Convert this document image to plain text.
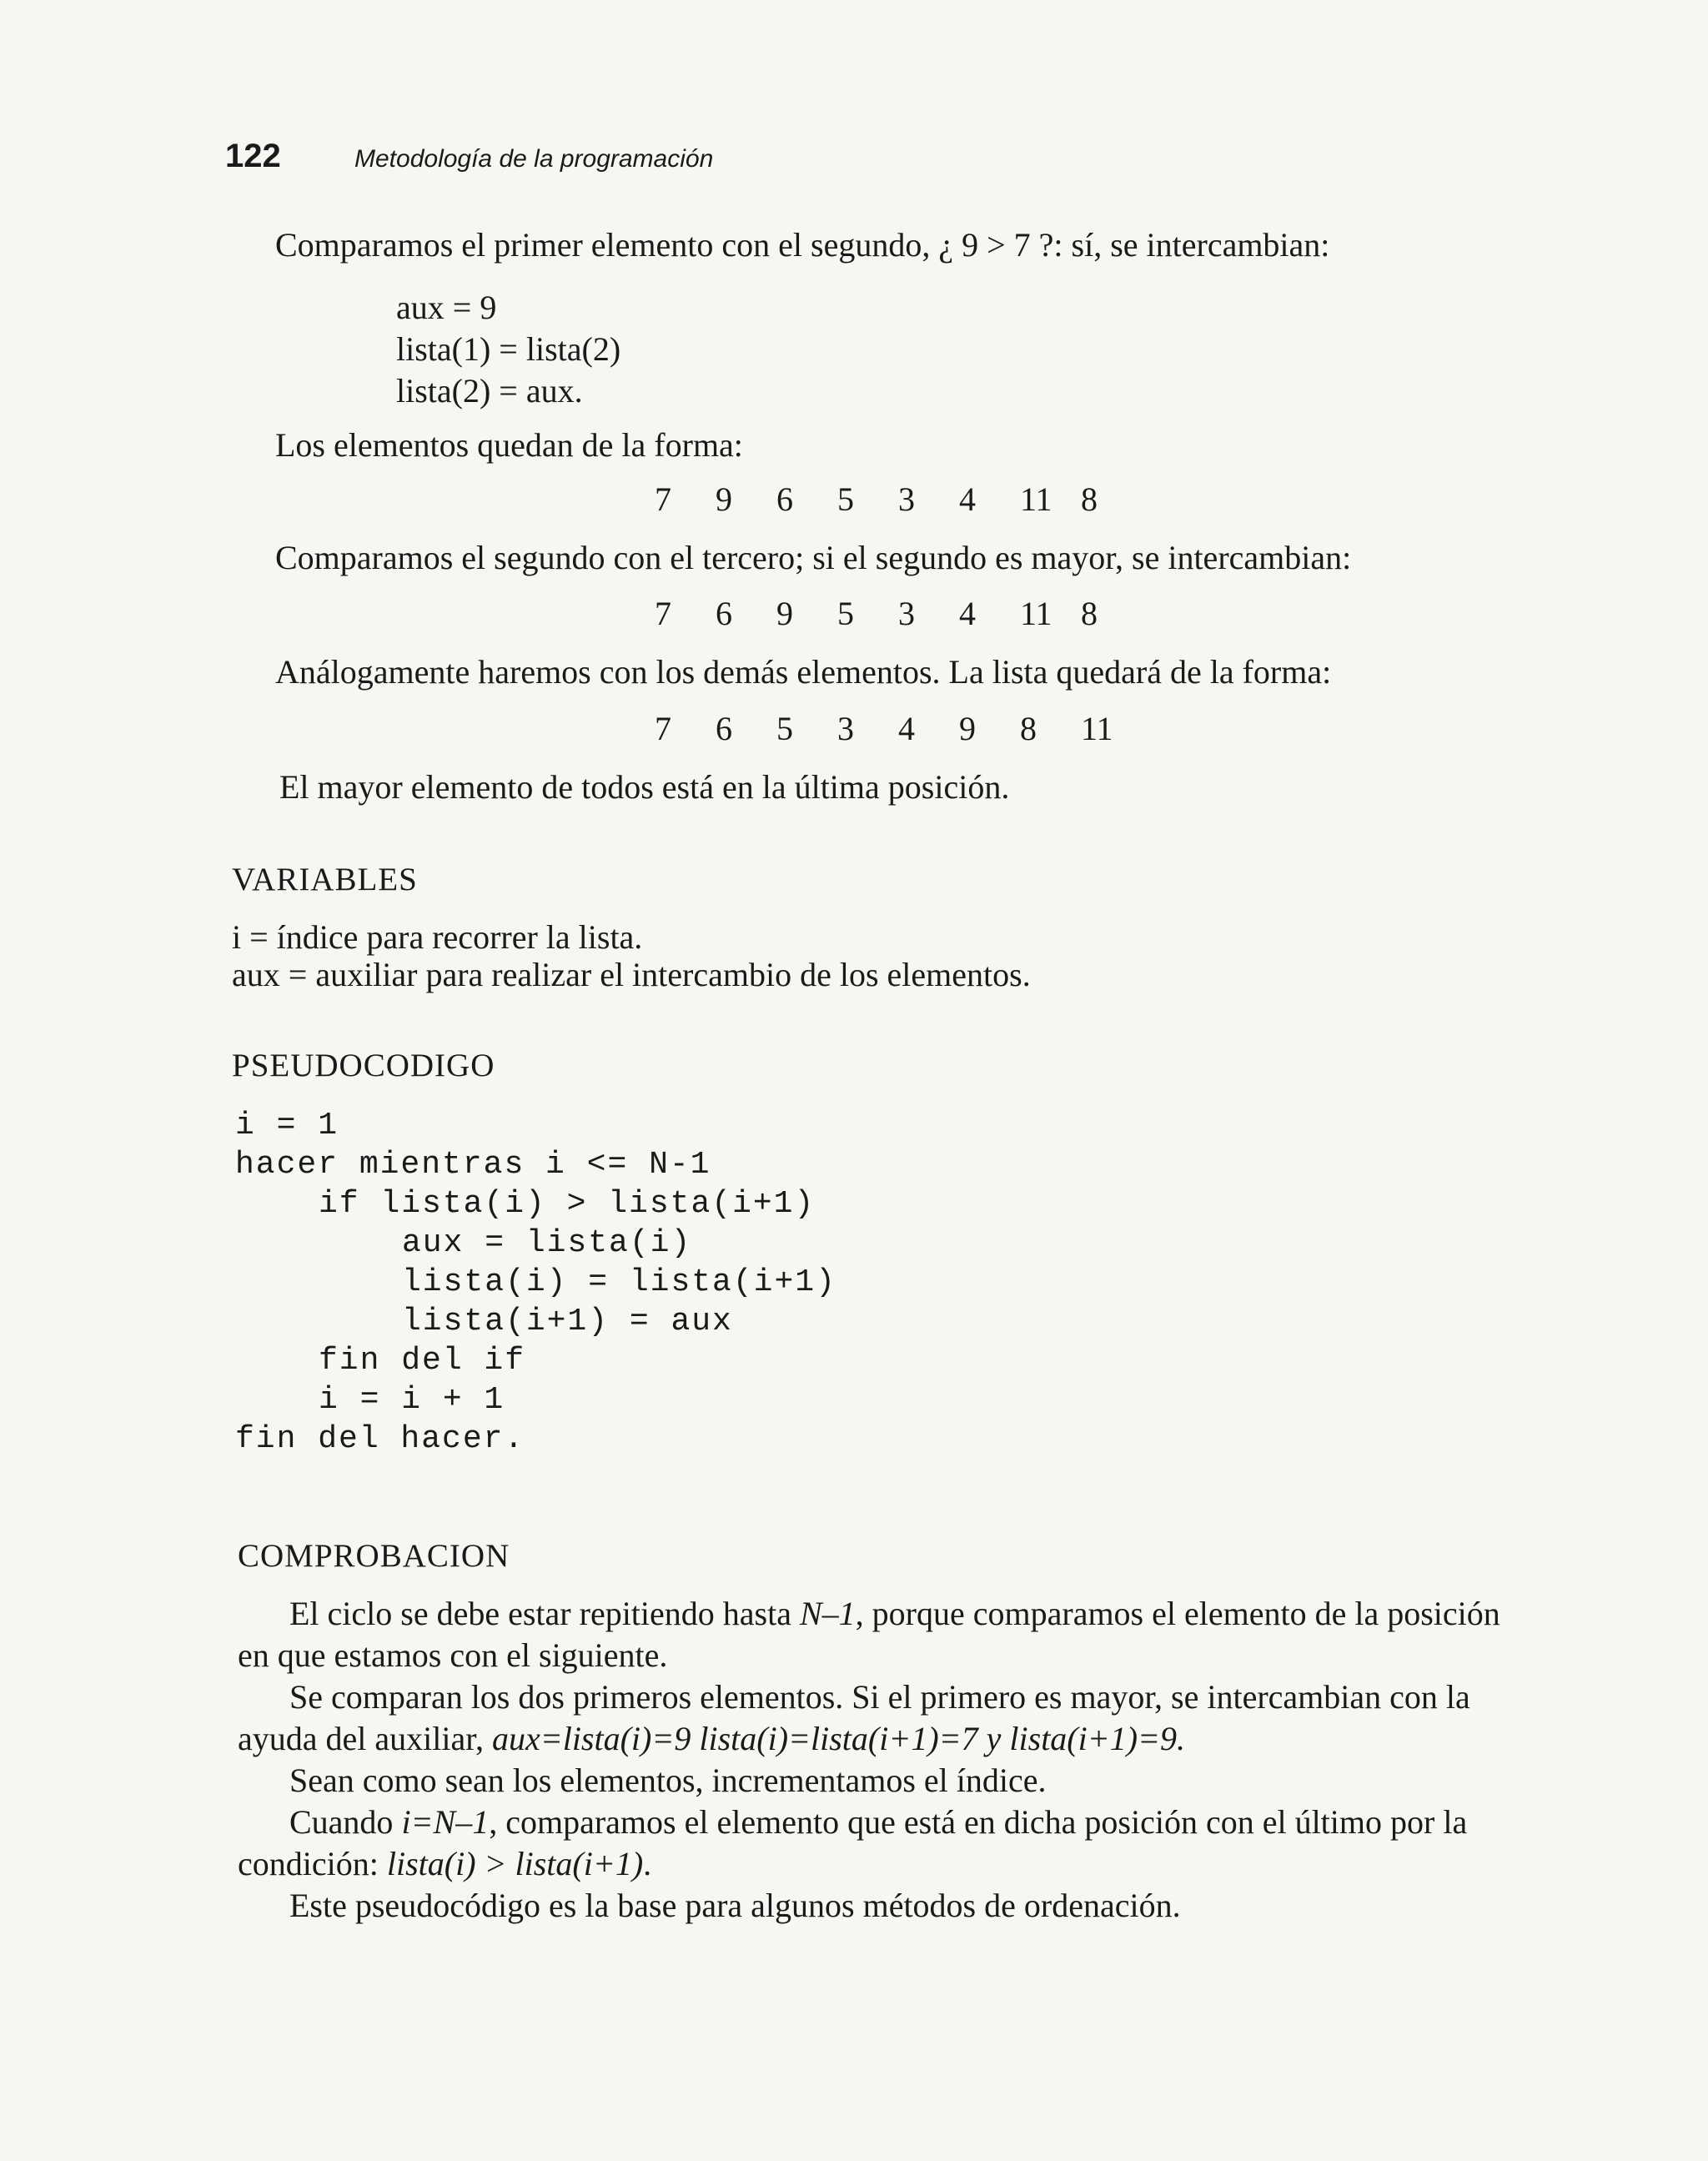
122	Metodología de la programación
Comparamos el primer elemento con el segundo, ¿ 9 > 7 ?: sí, se intercambian:
aux = 9
lista(1) = lista(2)
lista(2) = aux.
Los elementos quedan de la forma:
7	9	6	5	3	4	11 8
Comparamos el segundo con el tercero; si el segundo es mayor, se intercambian:
7	6	9	5	3	4	11 8
Análogamente haremos con los demás elementos. La lista quedará de la forma:
7	6	5	3	4	9	8	11
El mayor elemento de todos está en la última posición.
VARIABLES
i = índice para recorrer la lista.
aux = auxiliar para realizar el intercambio de los elementos.
PSEUDOCODIGO
i = 1
hacer mientras i <= N-1
if lista(i) > lista(i+1)
aux = lista(i)
lista(i) = lista(i+1)
lista(i+1) = aux
fin del if
i = i + 1
fin del hacer.
COMPROBACION
El ciclo se debe estar repitiendo hasta N–1, porque comparamos el elemento de la posición en que estamos con el siguiente.
Se comparan los dos primeros elementos. Si el primero es mayor, se intercambian con la ayuda del auxiliar, aux=lista(i)=9 lista(i)=lista(i+1)=7 y lista(i+1)=9.
Sean como sean los elementos, incrementamos el índice.
Cuando i=N–1, comparamos el elemento que está en dicha posición con el último por la condición: lista(i) > lista(i+1).
Este pseudocódigo es la base para algunos métodos de ordenación.
